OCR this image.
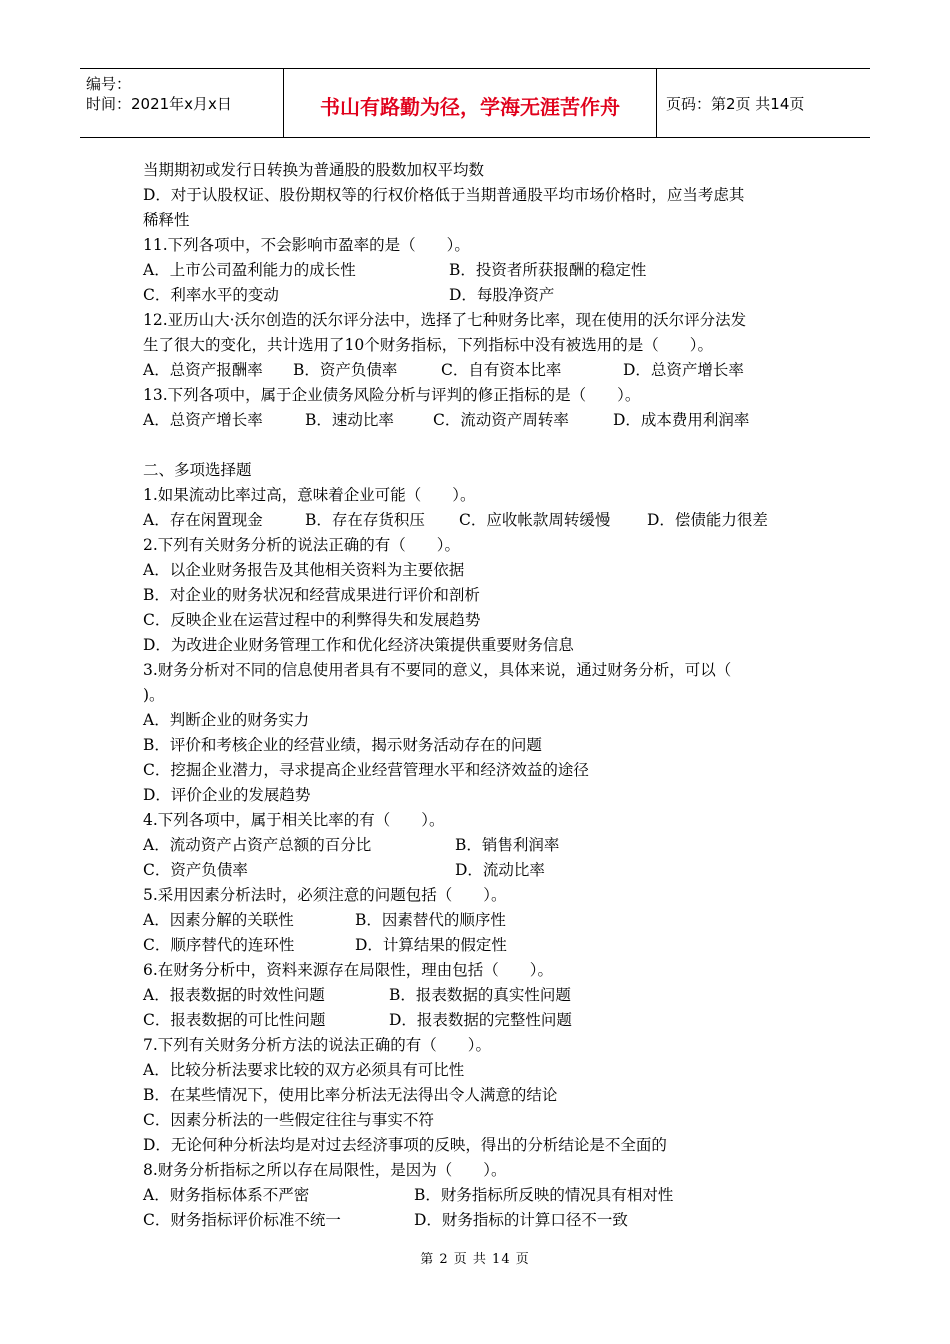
编号：
时间：2021年x月x日	书山有路勤为径，学海无涯苦作舟	页码：第2页 共14页
当期期初或发行日转换为普通股的股数加权平均数
D．对于认股权证、股份期权等的行权价格低于当期普通股平均市场价格时，应当考虑其
稀释性
11.下列各项中，不会影响市盈率的是（　　）。
A．上市公司盈利能力的成长性	B．投资者所获报酬的稳定性
C．利率水平的变动	D．每股净资产
12.亚历山大·沃尔创造的沃尔评分法中，选择了七种财务比率，现在使用的沃尔评分法发
生了很大的变化，共计选用了10个财务指标，下列指标中没有被选用的是（　　）。
A．总资产报酬率	B．资产负债率	C．自有资本比率	D．总资产增长率
13.下列各项中，属于企业债务风险分析与评判的修正指标的是（　　）。
A．总资产增长率	B．速动比率	C．流动资产周转率	D．成本费用利润率
二、多项选择题
1.如果流动比率过高，意味着企业可能（　　）。
A．存在闲置现金	B．存在存货积压	C．应收帐款周转缓慢	D．偿债能力很差
2.下列有关财务分析的说法正确的有（　　）。
A．以企业财务报告及其他相关资料为主要依据
B．对企业的财务状况和经营成果进行评价和剖析
C．反映企业在运营过程中的利弊得失和发展趋势
D．为改进企业财务管理工作和优化经济决策提供重要财务信息
3.财务分析对不同的信息使用者具有不要同的意义，具体来说，通过财务分析，可以（
)。
A．判断企业的财务实力
B．评价和考核企业的经营业绩，揭示财务活动存在的问题
C．挖掘企业潜力，寻求提高企业经营管理水平和经济效益的途径
D．评价企业的发展趋势
4.下列各项中，属于相关比率的有（　　）。
A．流动资产占资产总额的百分比	B．销售利润率
C．资产负债率	D．流动比率
5.采用因素分析法时，必须注意的问题包括（　　）。
A．因素分解的关联性	B．因素替代的顺序性
C．顺序替代的连环性	D．计算结果的假定性
6.在财务分析中，资料来源存在局限性，理由包括（　　）。
A．报表数据的时效性问题	B．报表数据的真实性问题
C．报表数据的可比性问题	D．报表数据的完整性问题
7.下列有关财务分析方法的说法正确的有（　　）。
A．比较分析法要求比较的双方必须具有可比性
B．在某些情况下，使用比率分析法无法得出令人满意的结论
C．因素分析法的一些假定往往与事实不符
D．无论何种分析法均是对过去经济事项的反映，得出的分析结论是不全面的
8.财务分析指标之所以存在局限性，是因为（　　）。
A．财务指标体系不严密	B．财务指标所反映的情况具有相对性
C．财务指标评价标准不统一	D．财务指标的计算口径不一致
第 2 页 共 14 页
